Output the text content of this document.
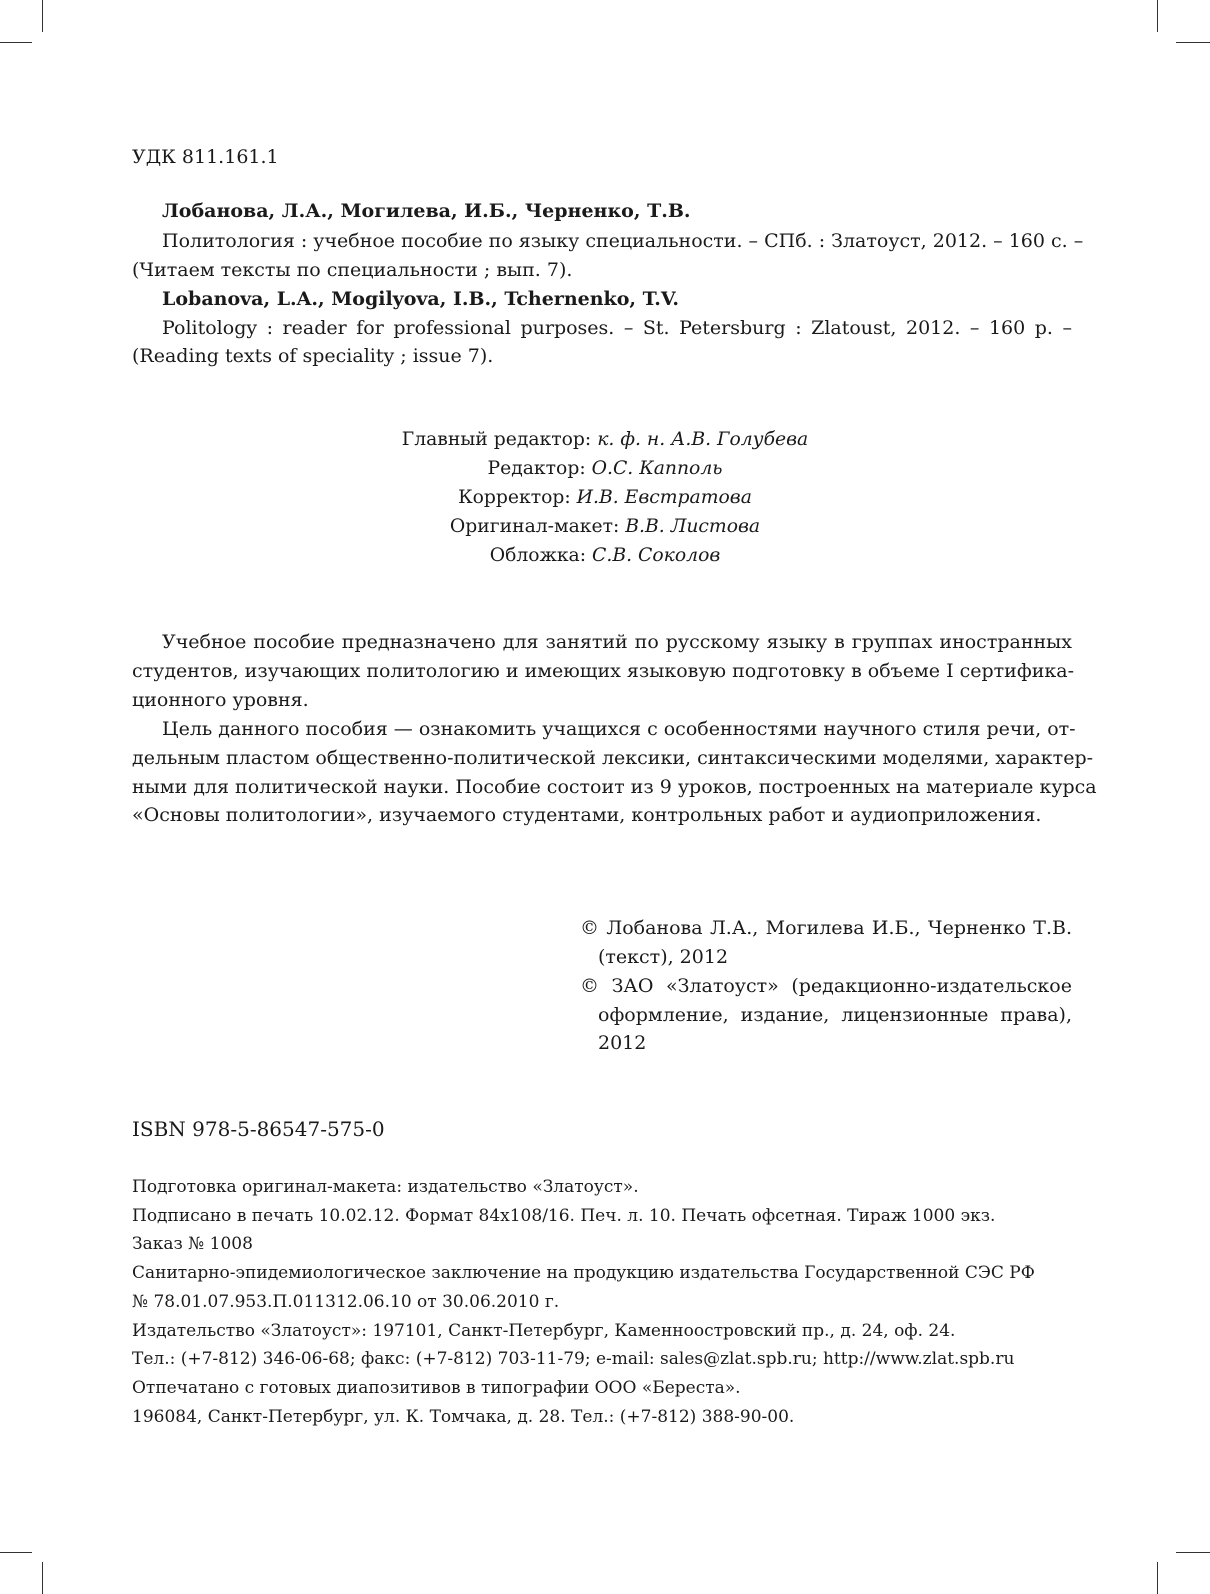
УДК 811.161.1
Лобанова, Л.А., Могилева, И.Б., Черненко, Т.В.
Политология : учебное пособие по языку специальности. – СПб. : Златоуст, 2012. – 160 с. –
(Читаем тексты по специальности ; вып. 7).
Lobanova, L.A., Mogilyova, I.B., Tchernenko, T.V.
Politology : reader for professional purposes. – St. Petersburg : Zlatoust, 2012. – 160 p. –
(Reading texts of speciality ; issue 7).
Главный редактор: к. ф. н. А.В. Голубева
Редактор: О.С. Капполь
Корректор: И.В. Евстратова
Оригинал-макет: В.В. Листова
Обложка: С.В. Соколов
Учебное пособие предназначено для занятий по русскому языку в группах иностранных
студентов, изучающих политологию и имеющих языковую подготовку в объеме I сертифика-
ционного уровня.
Цель данного пособия — ознакомить учащихся с особенностями научного стиля речи, от-
дельным пластом общественно-политической лексики, синтаксическими моделями, характер-
ными для политической науки. Пособие состоит из 9 уроков, построенных на материале курса
«Основы политологии», изучаемого студентами, контрольных работ и аудиоприложения.
© Лобанова Л.А., Могилева И.Б., Черненко Т.В.
(текст), 2012
© ЗАО «Златоуст» (редакционно-издательское
оформление, издание, лицензионные права),
2012
ISBN 978-5-86547-575-0
Подготовка оригинал-макета: издательство «Златоуст».
Подписано в печать 10.02.12. Формат 84х108/16. Печ. л. 10. Печать офсетная. Тираж 1000 экз.
Заказ № 1008
Санитарно-эпидемиологическое заключение на продукцию издательства Государственной СЭС РФ
№ 78.01.07.953.П.011312.06.10 от 30.06.2010 г.
Издательство «Златоуст»: 197101, Санкт-Петербург, Каменноостровский пр., д. 24, оф. 24.
Тел.: (+7-812) 346-06-68; факс: (+7-812) 703-11-79; e-mail: sales@zlat.spb.ru; http://www.zlat.spb.ru
Отпечатано с готовых диапозитивов в типографии ООО «Береста».
196084, Санкт-Петербург, ул. К. Томчака, д. 28. Тел.: (+7-812) 388-90-00.
